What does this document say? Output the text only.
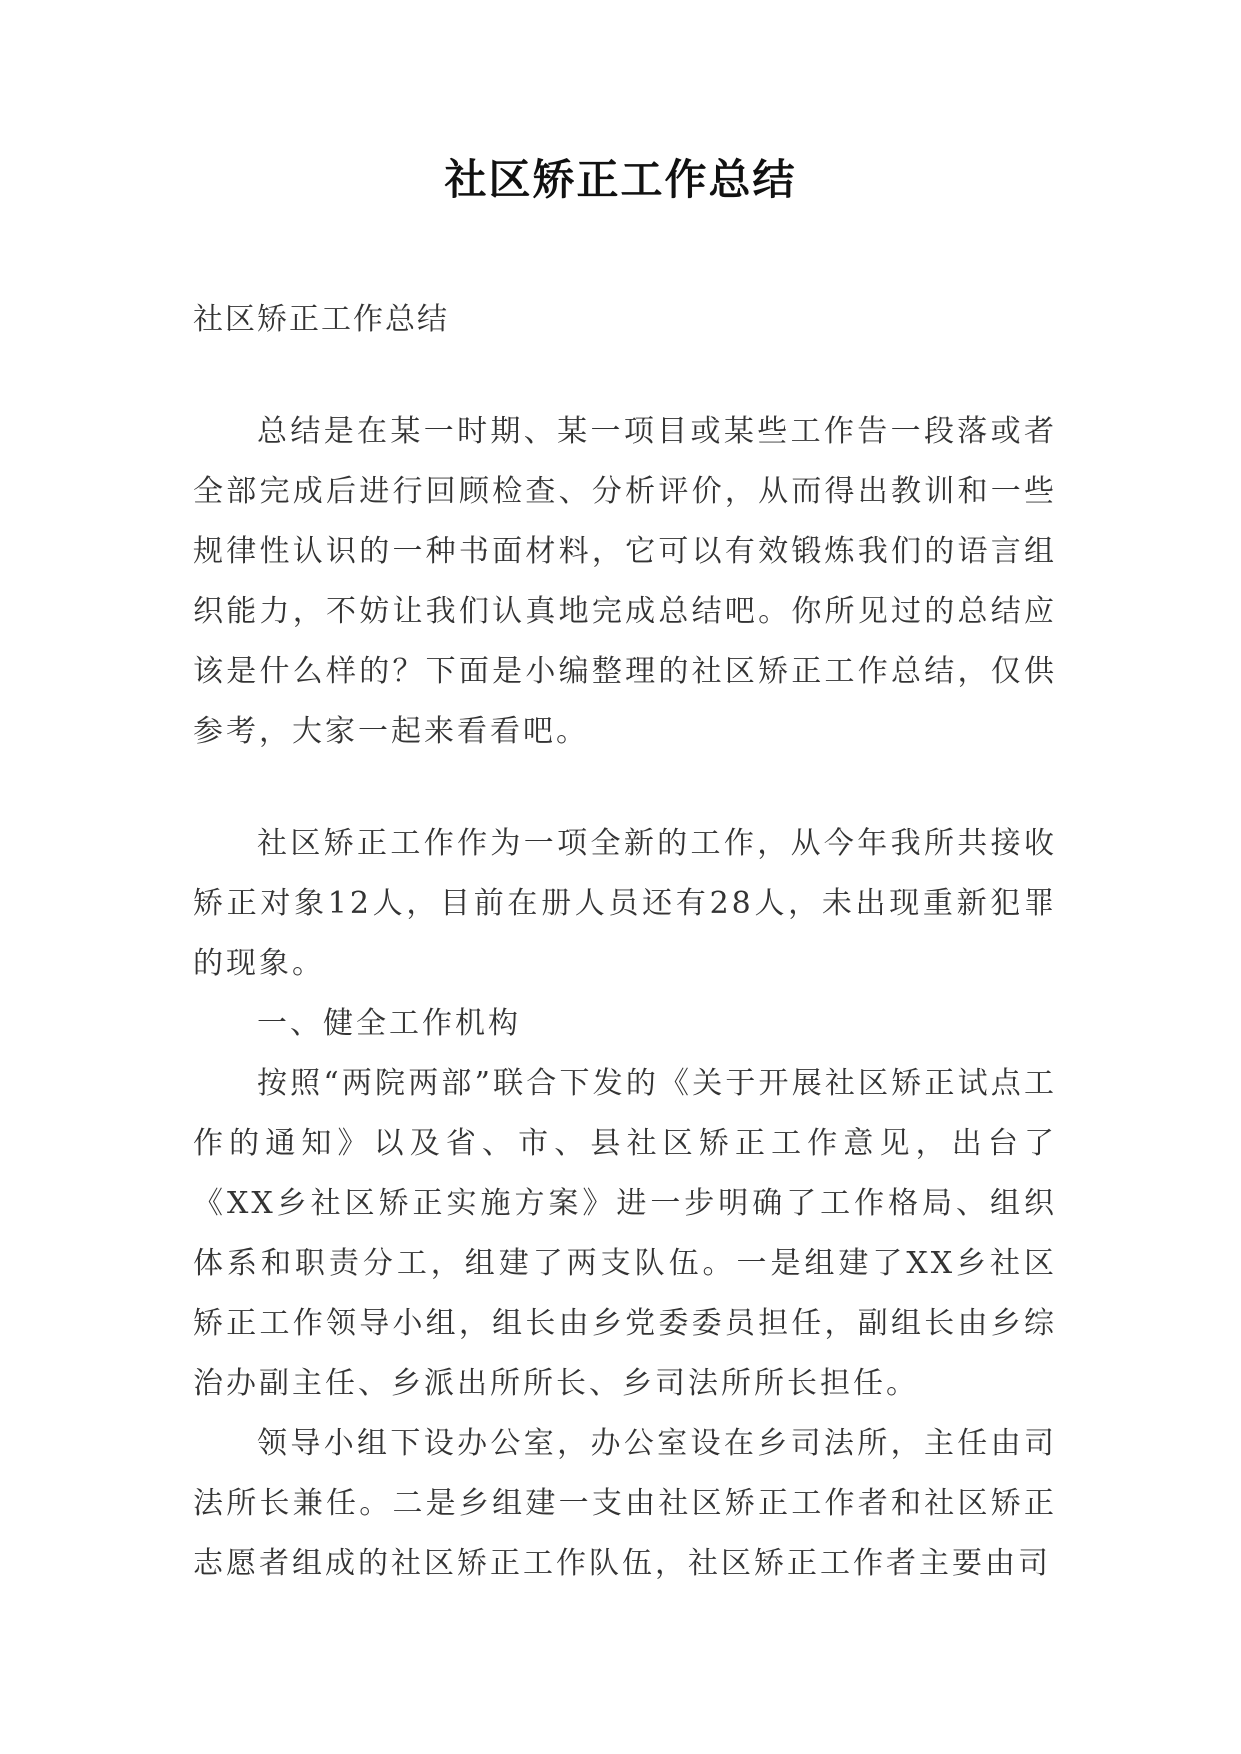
社区矫正工作总结

社区矫正工作总结

总结是在某一时期、某一项目或某些工作告一段落或者全部完成后进行回顾检查、分析评价，从而得出教训和一些规律性认识的一种书面材料，它可以有效锻炼我们的语言组织能力，不妨让我们认真地完成总结吧。你所见过的总结应该是什么样的？下面是小编整理的社区矫正工作总结，仅供参考，大家一起来看看吧。

社区矫正工作作为一项全新的工作，从今年我所共接收矫正对象12人，目前在册人员还有28人，未出现重新犯罪的现象。

一、健全工作机构

按照“两院两部”联合下发的《关于开展社区矫正试点工作的通知》以及省、市、县社区矫正工作意见，出台了《XX乡社区矫正实施方案》进一步明确了工作格局、组织体系和职责分工，组建了两支队伍。一是组建了XX乡社区矫正工作领导小组，组长由乡党委委员担任，副组长由乡综治办副主任、乡派出所所长、乡司法所所长担任。

领导小组下设办公室，办公室设在乡司法所，主任由司法所长兼任。二是乡组建一支由社区矫正工作者和社区矫正志愿者组成的社区矫正工作队伍，社区矫正工作者主要由司
